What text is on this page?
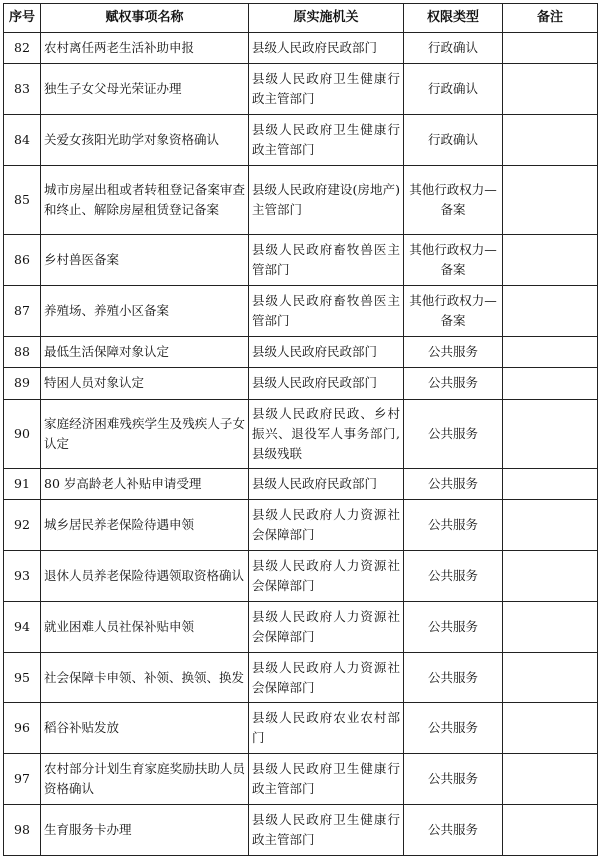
序号	赋权事项名称	原实施机关	权限类型	备注
82	农村离任两老生活补助申报	县级人民政府民政部门	行政确认	
83	独生子女父母光荣证办理	县级人民政府卫生健康行政主管部门	行政确认	
84	关爱女孩阳光助学对象资格确认	县级人民政府卫生健康行政主管部门	行政确认	
85	城市房屋出租或者转租登记备案审查和终止、解除房屋租赁登记备案	县级人民政府建设(房地产)主管部门	其他行政权力—备案	
86	乡村兽医备案	县级人民政府畜牧兽医主管部门	其他行政权力—备案	
87	养殖场、养殖小区备案	县级人民政府畜牧兽医主管部门	其他行政权力—备案	
88	最低生活保障对象认定	县级人民政府民政部门	公共服务	
89	特困人员对象认定	县级人民政府民政部门	公共服务	
90	家庭经济困难残疾学生及残疾人子女认定	县级人民政府民政、乡村振兴、退役军人事务部门,县级残联	公共服务	
91	80 岁高龄老人补贴申请受理	县级人民政府民政部门	公共服务	
92	城乡居民养老保险待遇申领	县级人民政府人力资源社会保障部门	公共服务	
93	退休人员养老保险待遇领取资格确认	县级人民政府人力资源社会保障部门	公共服务	
94	就业困难人员社保补贴申领	县级人民政府人力资源社会保障部门	公共服务	
95	社会保障卡申领、补领、换领、换发	县级人民政府人力资源社会保障部门	公共服务	
96	稻谷补贴发放	县级人民政府农业农村部门	公共服务	
97	农村部分计划生育家庭奖励扶助人员资格确认	县级人民政府卫生健康行政主管部门	公共服务	
98	生育服务卡办理	县级人民政府卫生健康行政主管部门	公共服务	
